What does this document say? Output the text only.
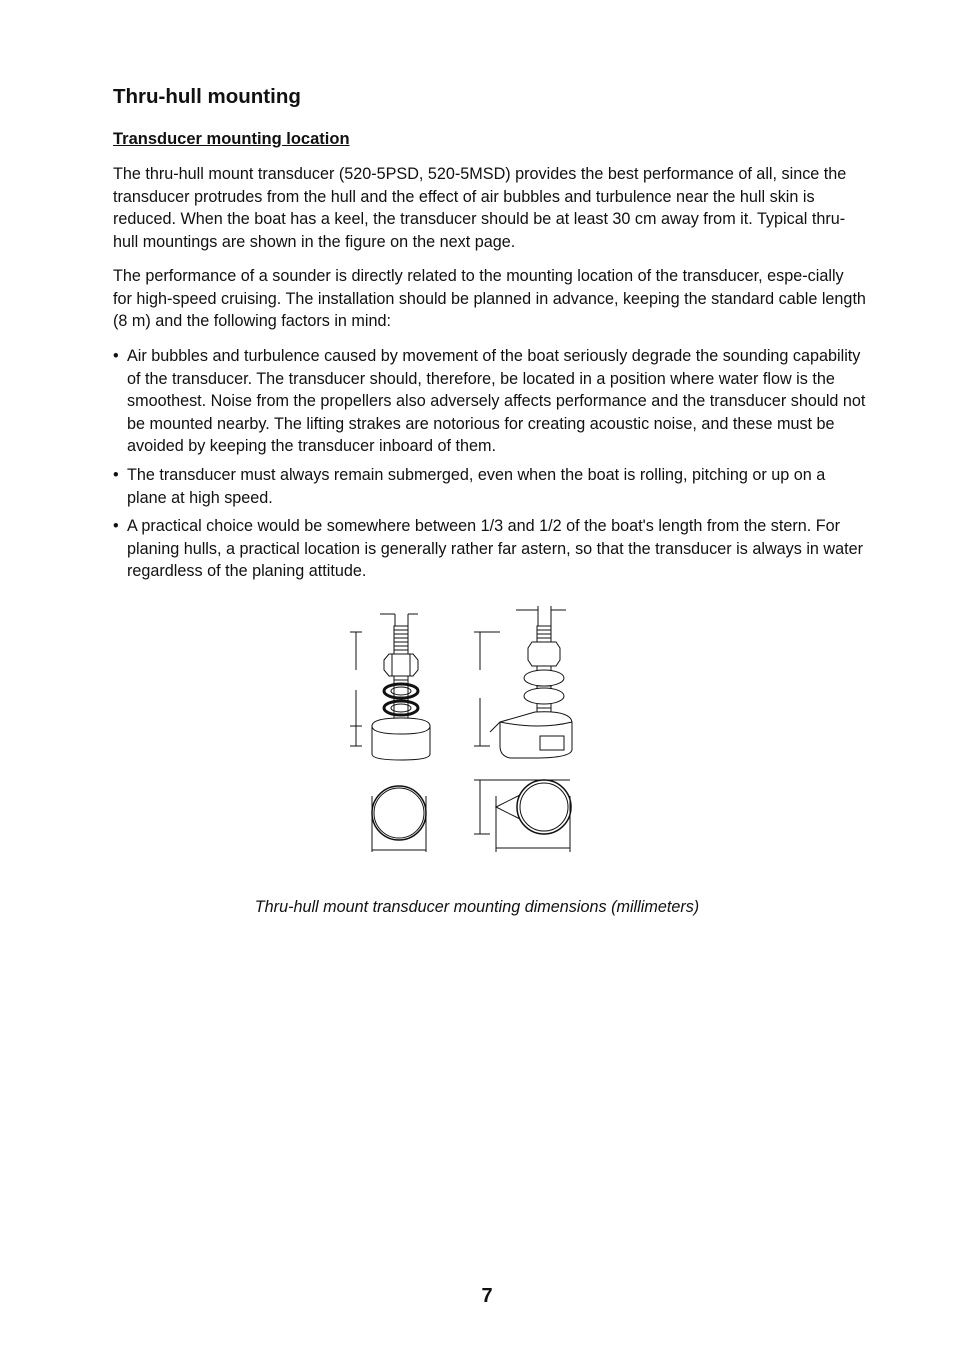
Thru-hull mounting
Transducer mounting location

The thru-hull mount transducer (520-5PSD, 520-5MSD) provides the best performance of all, since the transducer protrudes from the hull and the effect of air bubbles and turbulence near the hull skin is reduced. When the boat has a keel, the transducer should be at least 30 cm away from it. Typical thru-hull mountings are shown in the figure on the next page.

The performance of a sounder is directly related to the mounting location of the transducer, espe-cially for high-speed cruising. The installation should be planned in advance, keeping the standard cable length (8 m) and the following factors in mind:

• Air bubbles and turbulence caused by movement of the boat seriously degrade the sounding capability of the transducer. The transducer should, therefore, be located in a position where water flow is the smoothest. Noise from the propellers also adversely affects performance and the transducer should not be mounted nearby. The lifting strakes are notorious for creating acoustic noise, and these must be avoided by keeping the transducer inboard of them.
• The transducer must always remain submerged, even when the boat is rolling, pitching or up on a plane at high speed.
• A practical choice would be somewhere between 1/3 and 1/2 of the boat's length from the stern. For planing hulls, a practical location is generally rather far astern, so that the transducer is always in water regardless of the planing attitude.

Thru-hull mount transducer mounting dimensions (millimeters)

7
